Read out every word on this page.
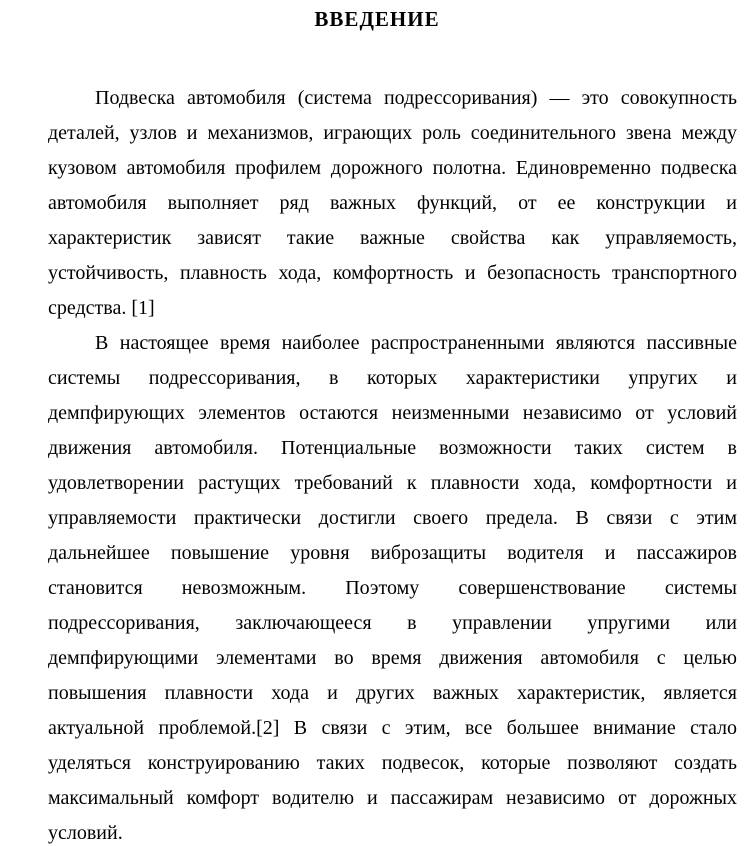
ВВЕДЕНИЕ
Подвеска автомобиля (система подрессоривания) — это совокупность
деталей, узлов и механизмов, играющих роль соединительного звена между
кузовом автомобиля профилем дорожного полотна. Единовременно подвеска
автомобиля выполняет ряд важных функций, от ее конструкции и
характеристик зависят такие важные свойства как управляемость,
устойчивость, плавность хода, комфортность и безопасность транспортного
средства. [1]
В настоящее время наиболее распространенными являются пассивные
системы подрессоривания, в которых характеристики упругих и
демпфирующих элементов остаются неизменными независимо от условий
движения автомобиля. Потенциальные возможности таких систем в
удовлетворении растущих требований к плавности хода, комфортности и
управляемости практически достигли своего предела. В связи с этим
дальнейшее повышение уровня виброзащиты водителя и пассажиров
становится невозможным. Поэтому совершенствование системы
подрессоривания, заключающееся в управлении упругими или
демпфирующими элементами во время движения автомобиля с целью
повышения плавности хода и других важных характеристик, является
актуальной проблемой.[2] В связи с этим, все большее внимание стало
уделяться конструированию таких подвесок, которые позволяют создать
максимальный комфорт водителю и пассажирам независимо от дорожных
условий.
